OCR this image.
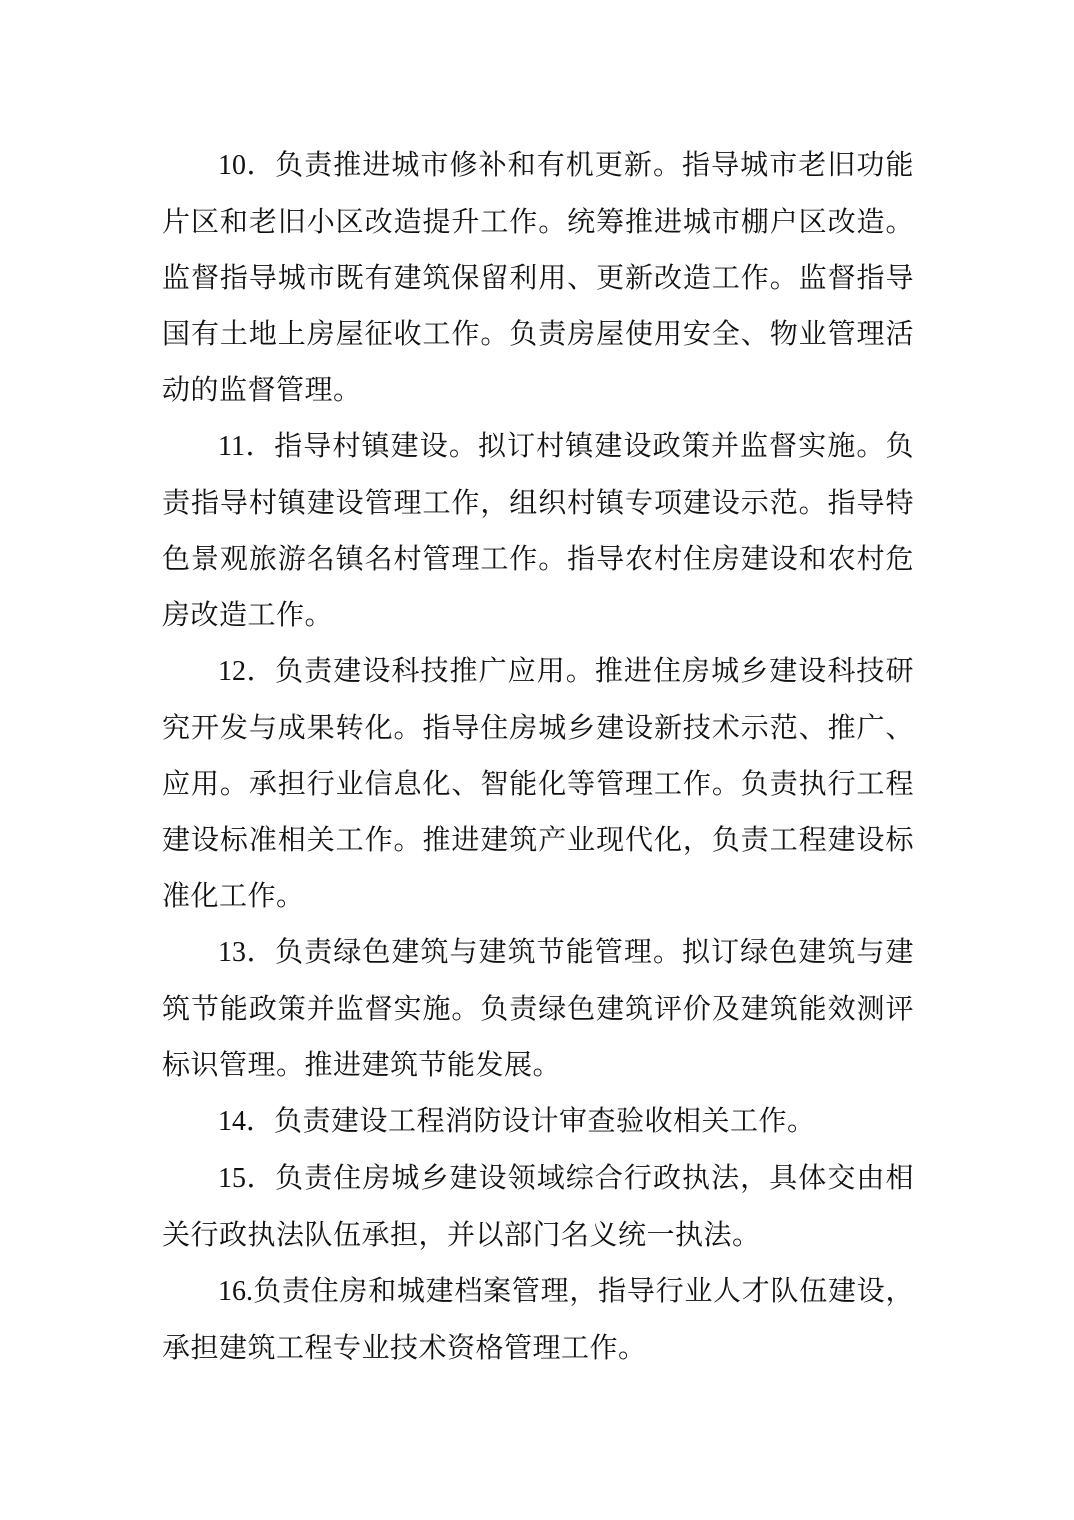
10．负责推进城市修补和有机更新。指导城市老旧功能片区和老旧小区改造提升工作。统筹推进城市棚户区改造。监督指导城市既有建筑保留利用、更新改造工作。监督指导国有土地上房屋征收工作。负责房屋使用安全、物业管理活动的监督管理。

11．指导村镇建设。拟订村镇建设政策并监督实施。负责指导村镇建设管理工作，组织村镇专项建设示范。指导特色景观旅游名镇名村管理工作。指导农村住房建设和农村危房改造工作。

12．负责建设科技推广应用。推进住房城乡建设科技研究开发与成果转化。指导住房城乡建设新技术示范、推广、应用。承担行业信息化、智能化等管理工作。负责执行工程建设标准相关工作。推进建筑产业现代化，负责工程建设标准化工作。

13．负责绿色建筑与建筑节能管理。拟订绿色建筑与建筑节能政策并监督实施。负责绿色建筑评价及建筑能效测评标识管理。推进建筑节能发展。

14．负责建设工程消防设计审查验收相关工作。

15．负责住房城乡建设领域综合行政执法，具体交由相关行政执法队伍承担，并以部门名义统一执法。

16.负责住房和城建档案管理，指导行业人才队伍建设，承担建筑工程专业技术资格管理工作。
